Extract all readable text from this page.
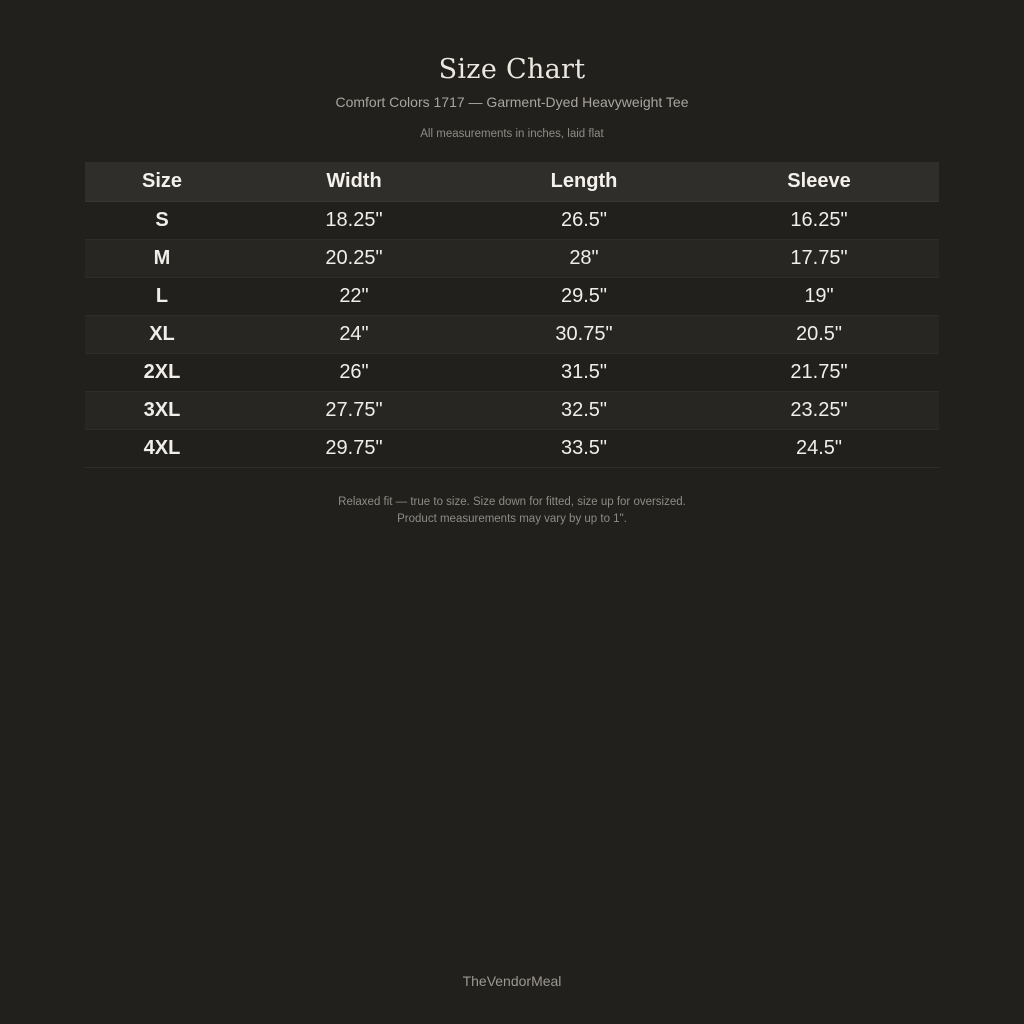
Size Chart
Comfort Colors 1717 — Garment-Dyed Heavyweight Tee
All measurements in inches, laid flat
Size	Width	Length	Sleeve
S	18.25"	26.5"	16.25"
M	20.25"	28"	17.75"
L	22"	29.5"	19"
XL	24"	30.75"	20.5"
2XL	26"	31.5"	21.75"
3XL	27.75"	32.5"	23.25"
4XL	29.75"	33.5"	24.5"
Relaxed fit — true to size. Size down for fitted, size up for oversized.
Product measurements may vary by up to 1".
TheVendorMeal
